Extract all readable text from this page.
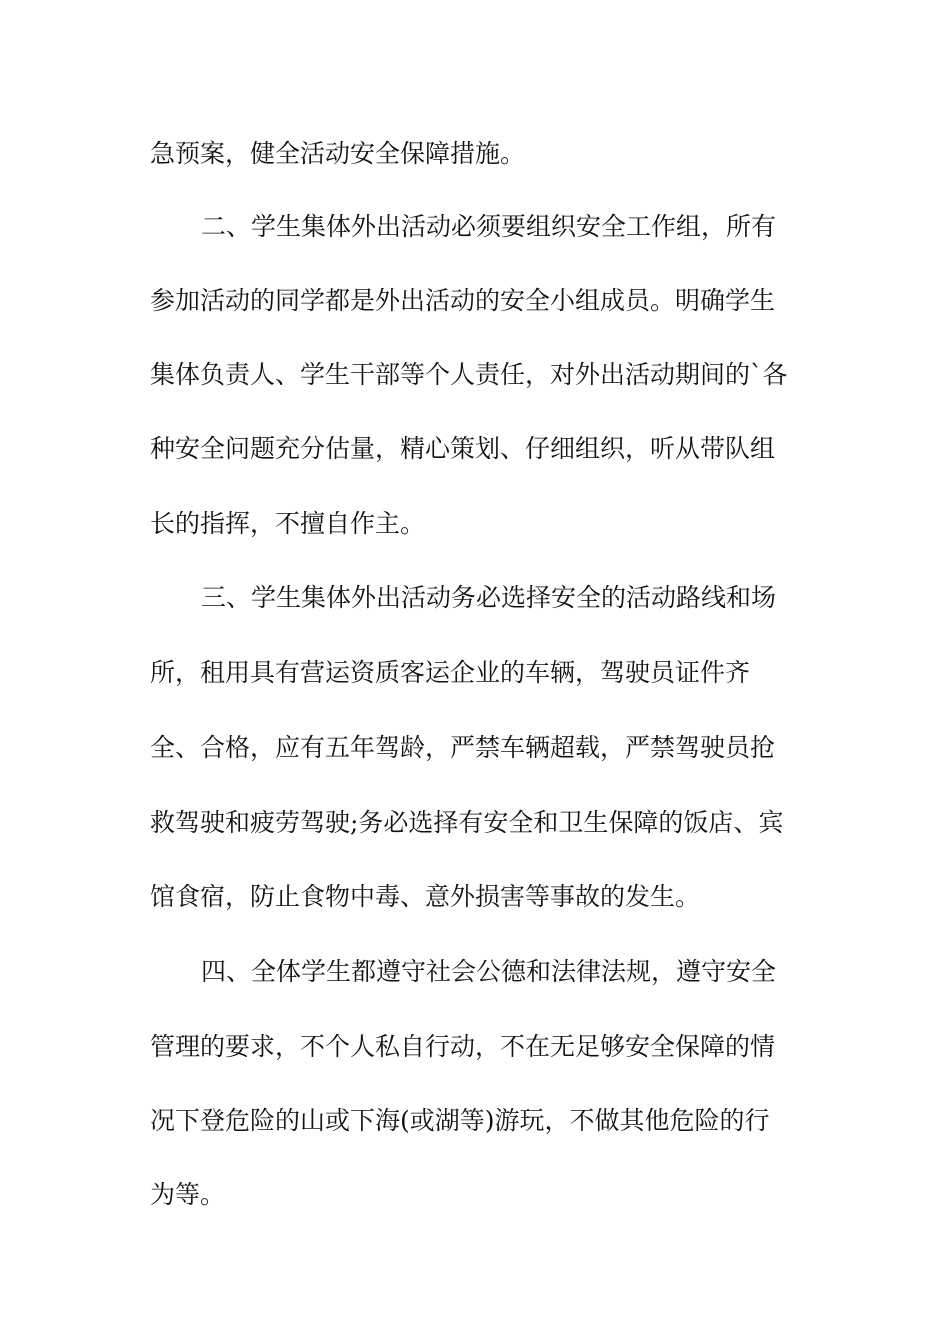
急预案，健全活动安全保障措施。
二、学生集体外出活动必须要组织安全工作组，所有
参加活动的同学都是外出活动的安全小组成员。明确学生
集体负责人、学生干部等个人责任，对外出活动期间的`各
种安全问题充分估量，精心策划、仔细组织，听从带队组
长的指挥，不擅自作主。
三、学生集体外出活动务必选择安全的活动路线和场
所，租用具有营运资质客运企业的车辆，驾驶员证件齐
全、合格，应有五年驾龄，严禁车辆超载，严禁驾驶员抢
救驾驶和疲劳驾驶;务必选择有安全和卫生保障的饭店、宾
馆食宿，防止食物中毒、意外损害等事故的发生。
四、全体学生都遵守社会公德和法律法规，遵守安全
管理的要求，不个人私自行动，不在无足够安全保障的情
况下登危险的山或下海(或湖等)游玩，不做其他危险的行
为等。
